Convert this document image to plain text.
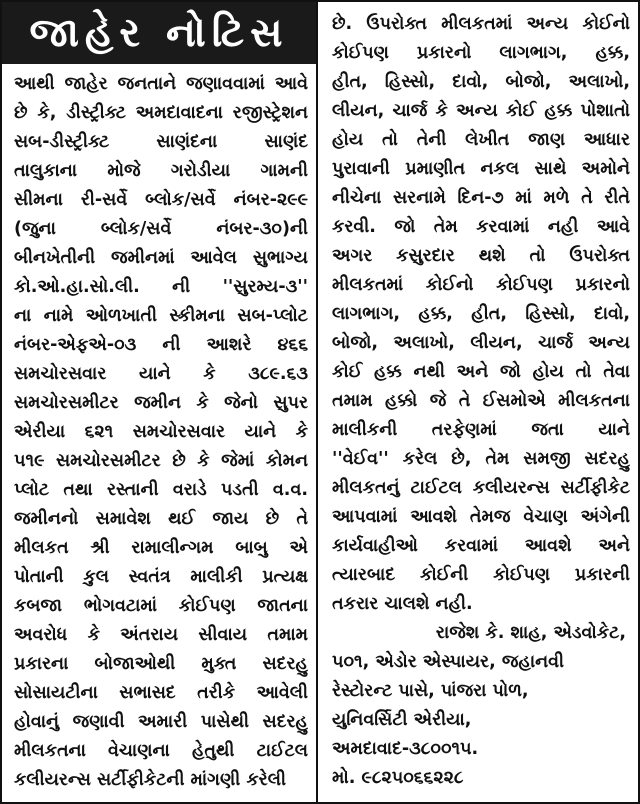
જાહેર નોટિસ
આથી જાહેર જનતાને જણાવવામાં આવે
છે કે, ડીસ્ટ્રીક્ટ અમદાવાદના રજીસ્ટ્રેશન
સબ-ડીસ્ટ્રીક્ટ સાણંદના સાણંદ
તાલુકાના મોજે ગરોડીયા ગામની
સીમના રી-સર્વે બ્લોક/સર્વે નંબર-૨૯૯
(જુના બ્લોક/સર્વે નંબર-૩૦)ની
બીનખેતીની જમીનમાં આવેલ સુભાગ્ય
કો.ઓ.હા.સો.લી. ની ''સુરમ્ય-૩''
ના નામે ઓળખાતી સ્કીમના સબ-પ્લોટ
નંબર-એફએ-૦૩ ની આશરે ૪૬૬
સમચોરસવાર યાને કે ૩૮૯.૬૩
સમચોરસમીટર જમીન કે જેનો સુપર
એરીયા ૬૨૧ સમચોરસવાર યાને કે
૫૧૯ સમચોરસમીટર છે કે જેમાં કોમન
પ્લોટ તથા રસ્તાની વરાડે પડતી વ.વ.
જમીનનો સમાવેશ થઈ જાય છે તે
મીલકત શ્રી રામાલીન્ગમ બાબુ એ
પોતાની કુલ સ્વતંત્ર માલીકી પ્રત્યક્ષ
કબજા ભોગવટામાં કોઈપણ જાતના
અવરોધ કે અંતરાય સીવાય તમામ
પ્રકારના બોજાઓથી મુક્ત સદરહુ
સોસાયટીના સભાસદ તરીકે આવેલી
હોવાનું જણાવી અમારી પાસેથી સદરહુ
મીલકતના વેચાણના હેતુથી ટાઈટલ
કલીયરન્સ સર્ટીફીકેટની માંગણી કરેલી
છે. ઉપરોક્ત મીલકતમાં અન્ય કોઈનો
કોઈપણ પ્રકારનો લાગભાગ, હક્ક,
હીત, હિસ્સો, દાવો, બોજો, અલાખો,
લીયન, ચાર્જ કે અન્ય કોઈ હક્ક પોશાતો
હોય તો તેની લેખીત જાણ આધાર
પુરાવાની પ્રમાણીત નકલ સાથે અમોને
નીચેના સરનામે દિન-૭ માં મળે તે રીતે
કરવી. જો તેમ કરવામાં નહી આવે
અગર કસુરદાર થશે તો ઉપરોક્ત
મીલકતમાં કોઈનો કોઈપણ પ્રકારનો
લાગભાગ, હક્ક, હીત, હિસ્સો, દાવો,
બોજો, અલાખો, લીયન, ચાર્જ અન્ય
કોઈ હક્ક નથી અને જો હોય તો તેવા
તમામ હક્કો જે તે ઈસમોએ મીલકતના
માલીકની તરફેણમાં જતા યાને
''વેઈવ'' કરેલ છે, તેમ સમજી સદરહુ
મીલકતનું ટાઈટલ કલીયરન્સ સર્ટીફીકેટ
આપવામાં આવશે તેમજ વેચાણ અંગેની
કાર્યવાહીઓ કરવામાં આવશે અને
ત્યારબાદ કોઈની કોઈપણ પ્રકારની
તકરાર ચાલશે નહી.
રાજેશ કે. શાહ, એડવોકેટ,
૫૦૧, એડોર એસ્પાયર, જહાનવી
રેસ્ટોરન્ટ પાસે, પાંજરા પોળ,
યુનિવર્સિટી એરીયા,
અમદાવાદ-૩૮૦૦૧૫.
મો. ૯૮૨૫૦૬૬૨૨૮
